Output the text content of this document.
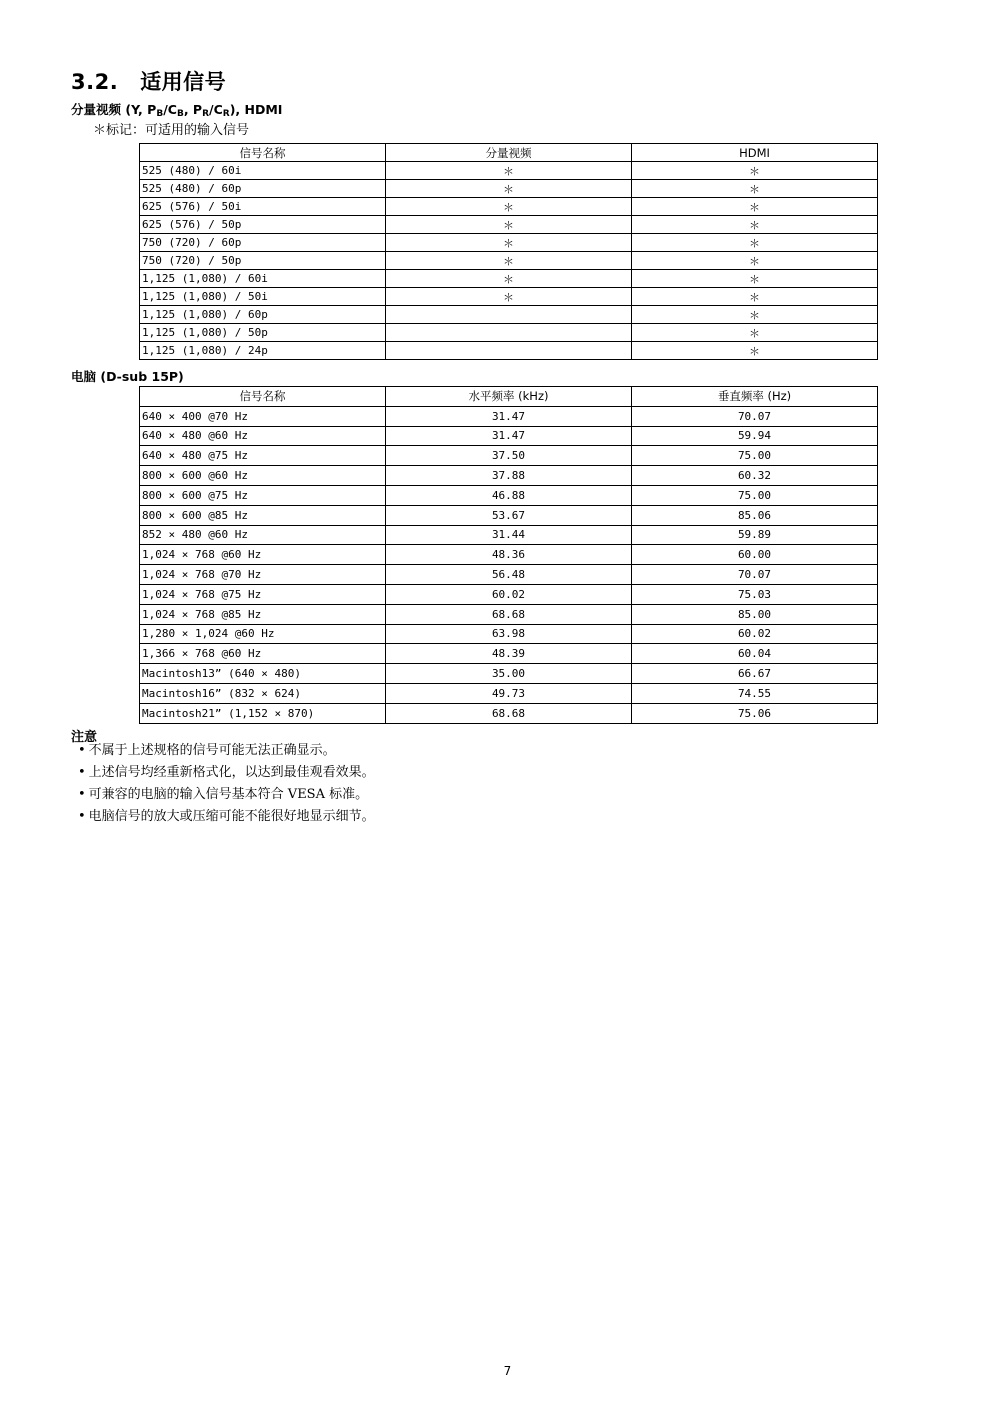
3.2. 适用信号
分量视频 (Y, $P_B/C_B$, $P_R/C_R$), HDMI
＊标记：可适用的输入信号
信号名称	分量视频	HDMI
525 (480) / 60i	＊	＊
525 (480) / 60p	＊	＊
625 (576) / 50i	＊	＊
625 (576) / 50p	＊	＊
750 (720) / 60p	＊	＊
750 (720) / 50p	＊	＊
1,125 (1,080) / 60i	＊	＊
1,125 (1,080) / 50i	＊	＊
1,125 (1,080) / 60p		＊
1,125 (1,080) / 50p		＊
1,125 (1,080) / 24p		＊
电脑 (D-sub 15P)
信号名称	水平频率 (kHz)	垂直频率 (Hz)
640 × 400 @70 Hz	31.47	70.07
640 × 480 @60 Hz	31.47	59.94
640 × 480 @75 Hz	37.50	75.00
800 × 600 @60 Hz	37.88	60.32
800 × 600 @75 Hz	46.88	75.00
800 × 600 @85 Hz	53.67	85.06
852 × 480 @60 Hz	31.44	59.89
1,024 × 768 @60 Hz	48.36	60.00
1,024 × 768 @70 Hz	56.48	70.07
1,024 × 768 @75 Hz	60.02	75.03
1,024 × 768 @85 Hz	68.68	85.00
1,280 × 1,024 @60 Hz	63.98	60.02
1,366 × 768 @60 Hz	48.39	60.04
Macintosh13” (640 × 480)	35.00	66.67
Macintosh16” (832 × 624)	49.73	74.55
Macintosh21” (1,152 × 870)	68.68	75.06
注意
• 不属于上述规格的信号可能无法正确显示。
• 上述信号均经重新格式化，以达到最佳观看效果。
• 可兼容的电脑的输入信号基本符合 VESA 标准。
• 电脑信号的放大或压缩可能不能很好地显示细节。
7
